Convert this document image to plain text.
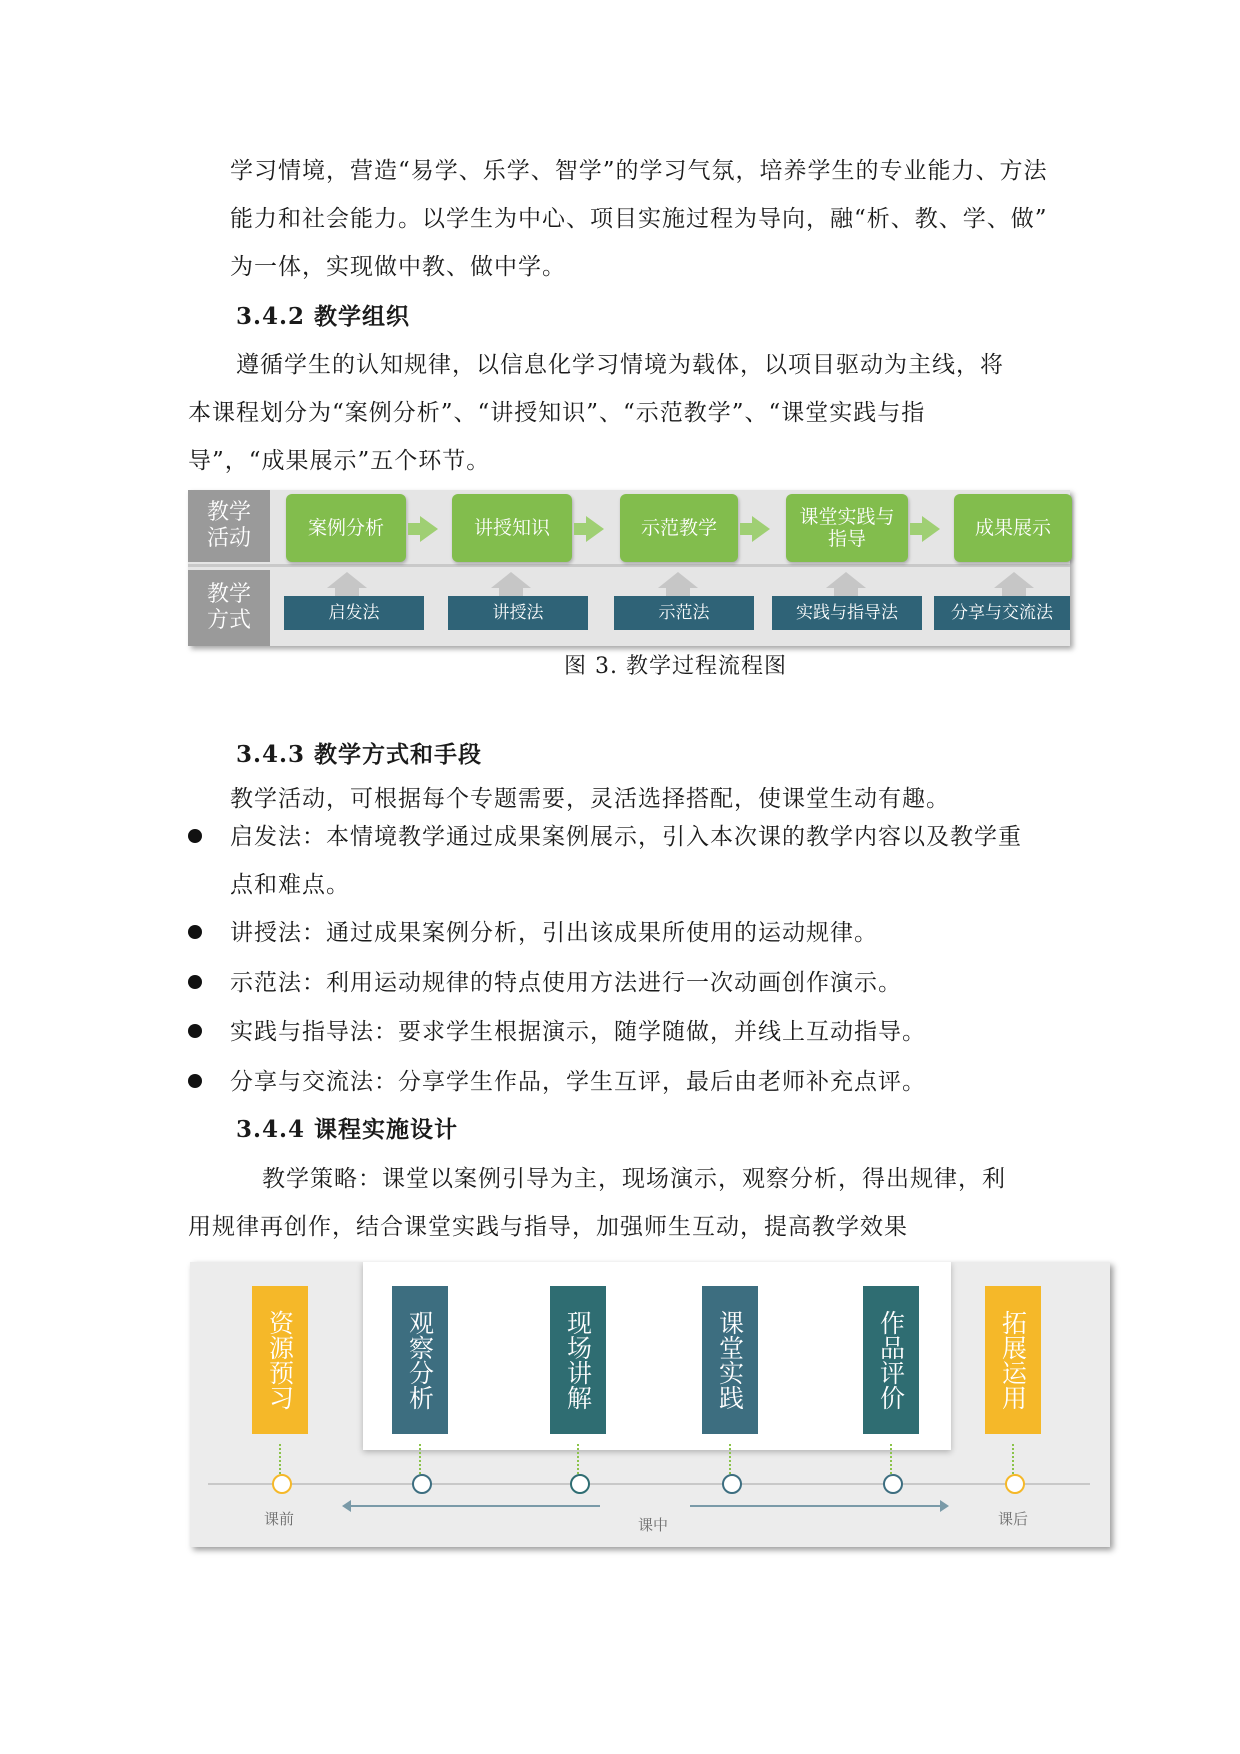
学习情境，营造“易学、乐学、智学”的学习气氛，培养学生的专业能力、方法
能力和社会能力。以学生为中心、项目实施过程为导向，融“析、教、学、做”
为一体，实现做中教、做中学。
3.4.2 教学组织
遵循学生的认知规律，以信息化学习情境为载体，以项目驱动为主线，将
本课程划分为“案例分析”、“讲授知识”、“示范教学”、“课堂实践与指
导”，“成果展示”五个环节。
教学
活动
教学
方式
案例分析	讲授知识	示范教学	课堂实践与
指导	成果展示
启发法	讲授法	示范法	实践与指导法	分享与交流法
图 3. 教学过程流程图
3.4.3 教学方式和手段
教学活动，可根据每个专题需要，灵活选择搭配，使课堂生动有趣。
启发法：本情境教学通过成果案例展示，引入本次课的教学内容以及教学重
点和难点。
讲授法：通过成果案例分析，引出该成果所使用的运动规律。
示范法：利用运动规律的特点使用方法进行一次动画创作演示。
实践与指导法：要求学生根据演示，随学随做，并线上互动指导。
分享与交流法：分享学生作品，学生互评，最后由老师补充点评。
3.4.4 课程实施设计
教学策略：课堂以案例引导为主，现场演示，观察分析，得出规律，利
用规律再创作，结合课堂实践与指导，加强师生互动，提高教学效果
资源预习	观察分析	现场讲解	课堂实践	作品评价	拓展运用
课前	课中	课后
